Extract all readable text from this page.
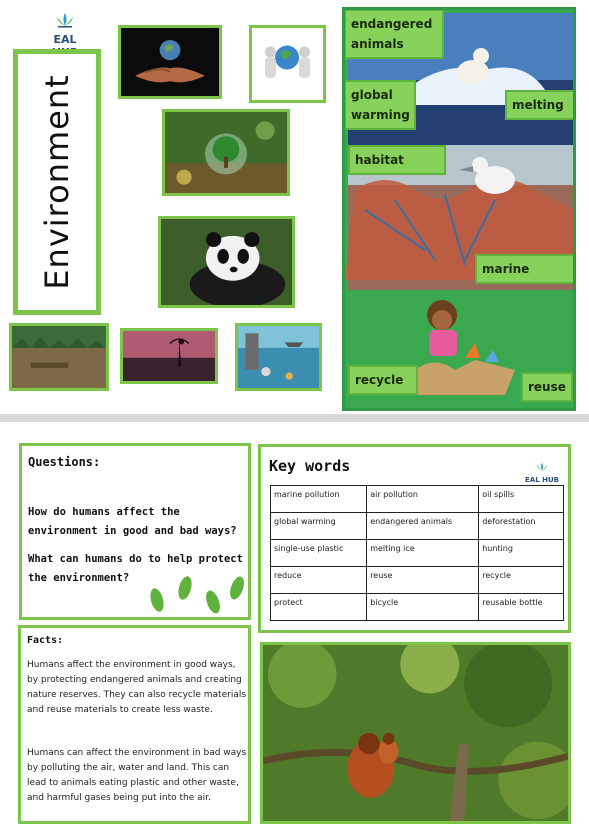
EAL
Environment
endangered animals
global warming
melting
habitat
marine
recycle	reuse
Questions:
How do humans affect the environment in good and bad ways?
What can humans do to help protect the environment?
Key words
EAL HUB
marine pollution	air pollution	oil spills
global warming	endangered animals	deforestation
single-use plastic	melting ice	hunting
reduce	reuse	recycle
protect	bicycle	reusable bottle
Facts:
Humans affect the environment in good ways, by protecting endangered animals and creating nature reserves. They can also recycle materials and reuse materials to create less waste.
Humans can affect the environment in bad ways by polluting the air, water and land. This can lead to animals eating plastic and other waste, and harmful gases being put into the air.
